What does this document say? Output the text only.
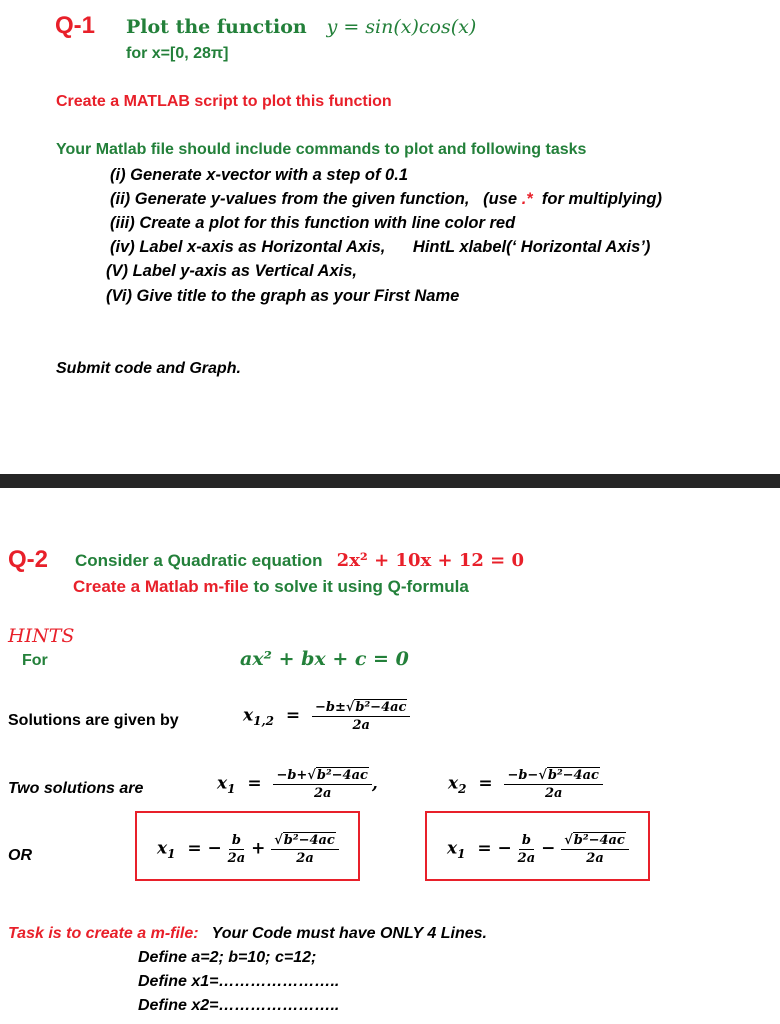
Q-1 Plot the function y = sin(x)cos(x)
for x=[0, 28π]
Create a MATLAB script to plot this function
Your Matlab file should include commands to plot and following tasks
(i) Generate x-vector with a step of 0.1
(ii) Generate y-values from the given function, (use .* for multiplying)
(iii) Create a plot for this function with line color red
(iv) Label x-axis as Horizontal Axis, HintL xlabel(‘ Horizontal Axis’)
(V) Label y-axis as Vertical Axis,
(Vi) Give title to the graph as your First Name
Submit code and Graph.
Q-2 Consider a Quadratic equation 2x² + 10x + 12 = 0
Create a Matlab m-file to solve it using Q-formula
HINTS
For	ax² + bx + c = 0
Solutions are given by	$x_{1,2} = \frac{\text{−b±√b²−4ac}}{2a}$
Two solutions are	$x_1 = \frac{\text{−b+√b²−4ac}}{2a}$ ,	$x_2 = \frac{\text{−b−√b²−4ac}}{2a}$
OR	$x_1$  = − $\frac{b}{2a} + \frac{\text{√b²−4ac}}{2a}$	$x_1$  = − $\frac{b}{2a} - \frac{\text{√b²−4ac}}{2a}$
Task is to create a m-file: Your Code must have ONLY 4 Lines.
Define a=2; b=10; c=12;
Define x1=…………………..
Define x2=…………………..
